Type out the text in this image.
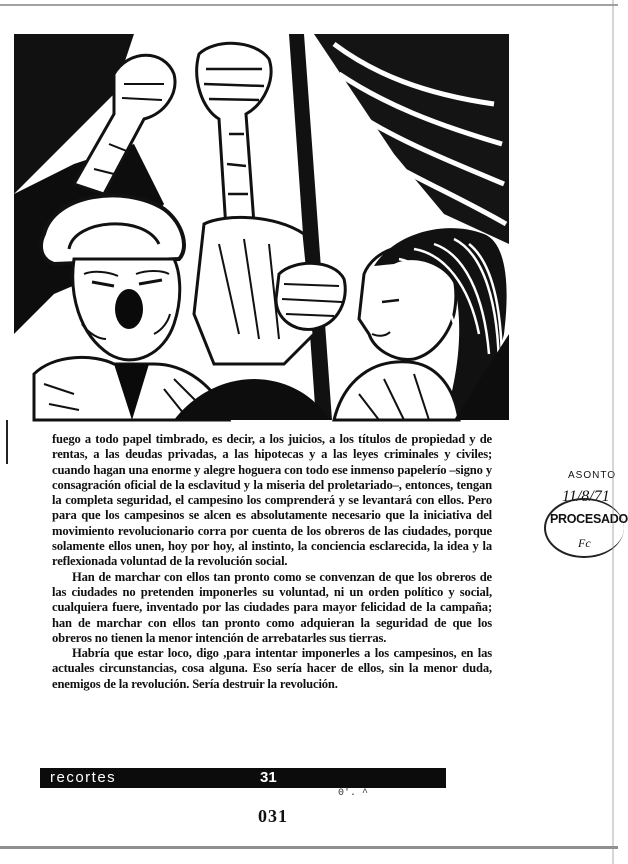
fuego a todo papel timbrado, es decir, a los juicios, a los títulos de propiedad y de rentas, a las deudas privadas, a las hipotecas y a las leyes criminales y civiles; cuando hagan una enorme y alegre hoguera con todo ese inmenso papelerío –signo y consagración oficial de la esclavitud y la miseria del proletariado–, entonces, tengan la completa seguridad, el campesino los comprenderá y se levantará con ellos. Pero para que los campesinos se alcen es absolutamente necesario que la iniciativa del movimiento revolucionario corra por cuenta de los obreros de las ciudades, porque solamente ellos unen, hoy por hoy, al instinto, la conciencia esclarecida, la idea y la reflexionada voluntad de la revolución social.

Han de marchar con ellos tan pronto como se convenzan de que los obreros de las ciudades no pretenden imponerles su voluntad, ni un orden político y social, cualquiera fuere, inventado por las ciudades para mayor felicidad de la campaña; han de marchar con ellos tan pronto como adquieran la seguridad de que los obreros no tienen la menor intención de arrebatarles sus tierras.

Habría que estar loco, digo ,para intentar imponerles a los campesinos, en las actuales circunstancias, cosa alguna. Eso sería hacer de ellos, sin la menor duda, enemigos de la revolución. Sería destruir la revolución.

ASONTO
11/8/71
PROCESADO
Fc
recortes	31
0'. ^
031
